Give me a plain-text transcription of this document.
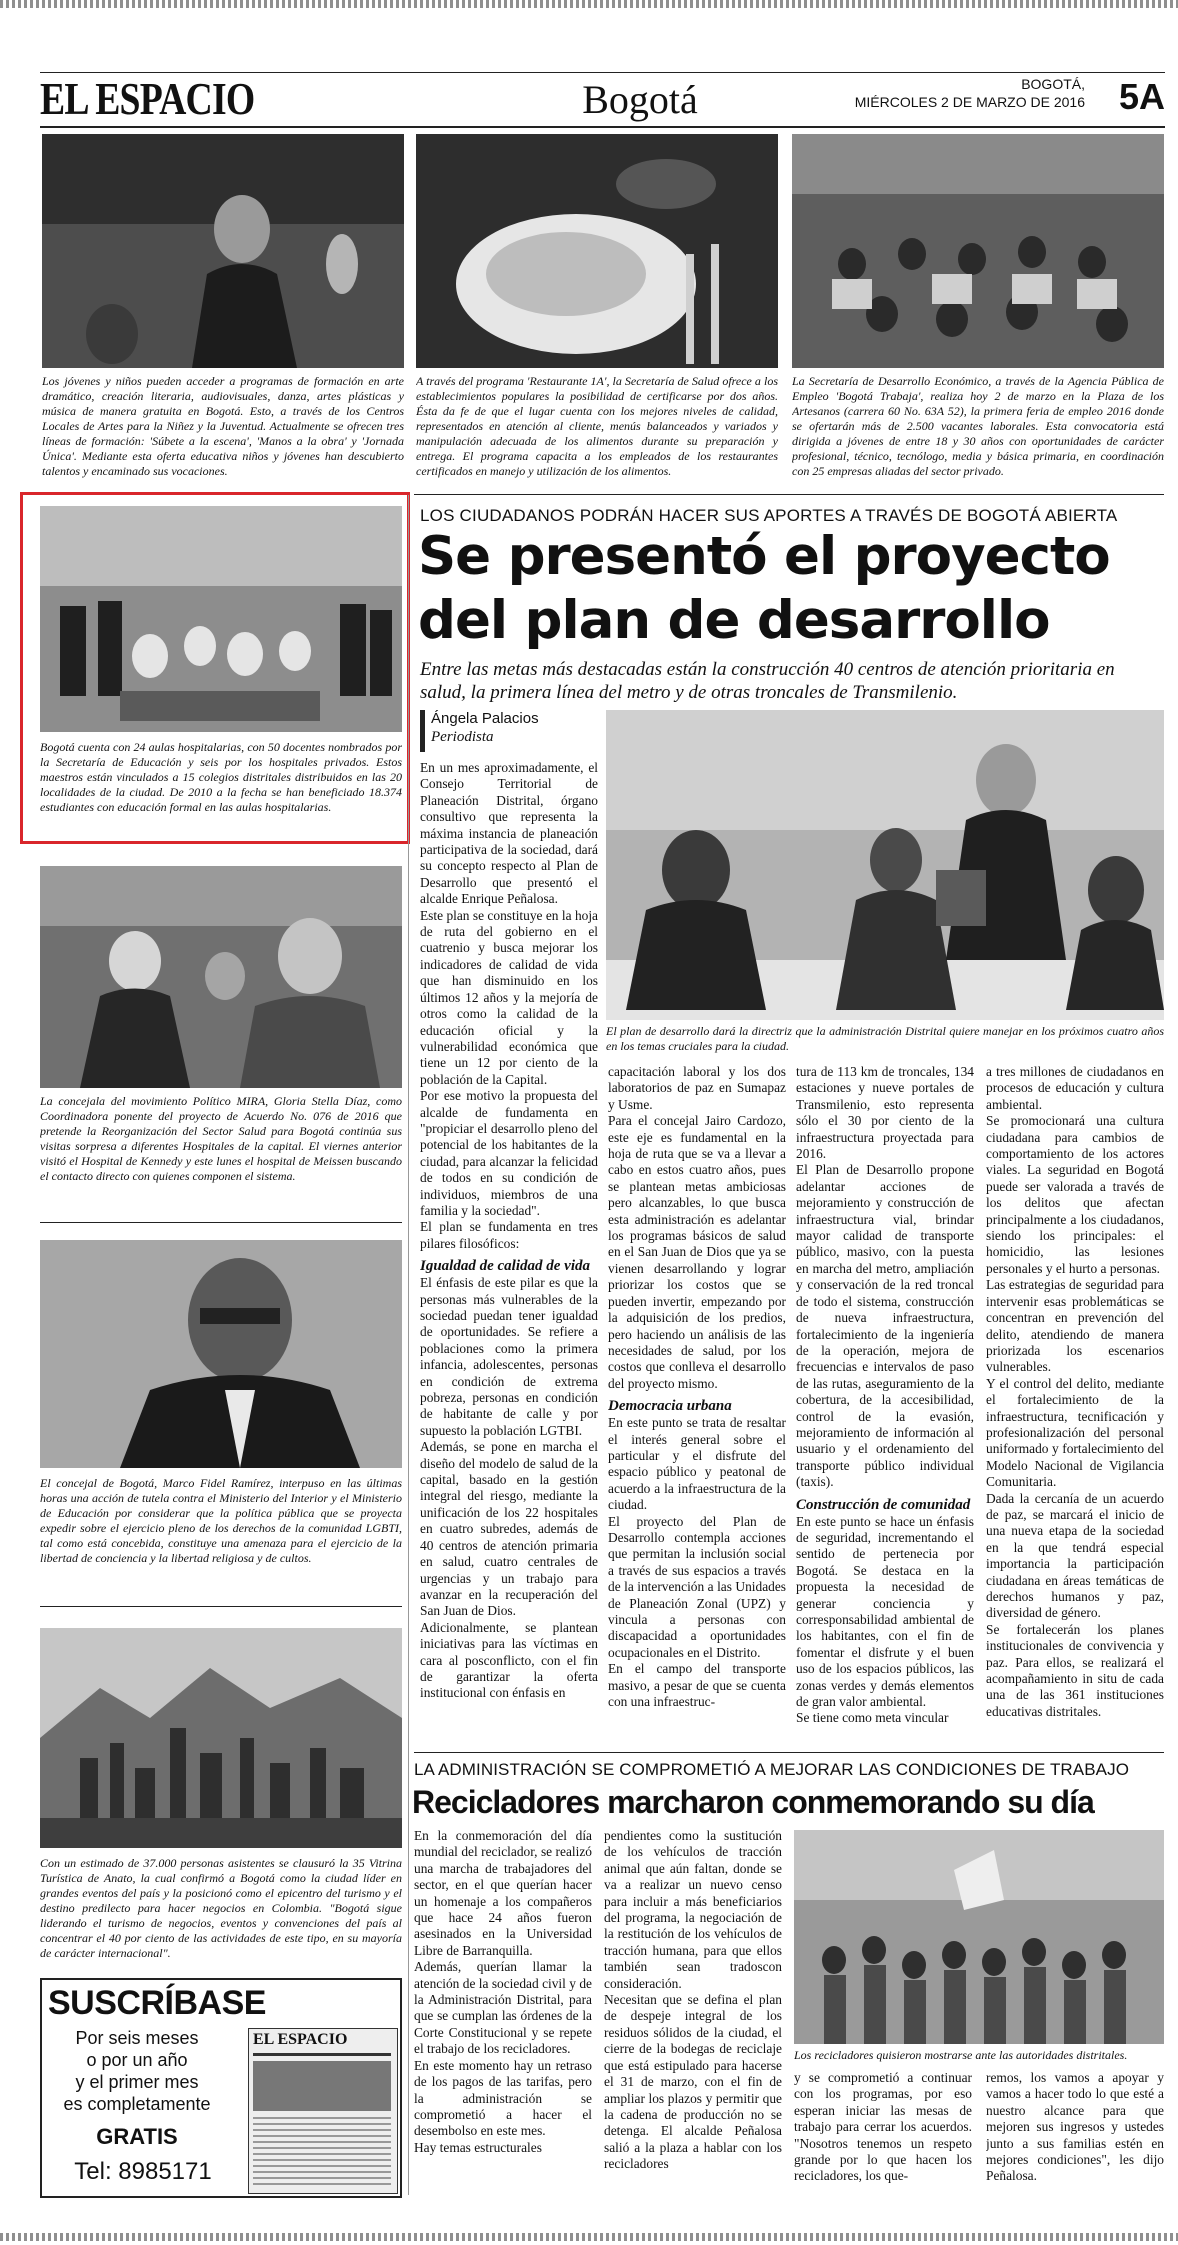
EL ESPACIO	Bogotá	BOGOTÁ,
MIÉRCOLES 2 DE MARZO DE 2016 5A
Los jóvenes y niños pueden acceder a programas de formación en arte dramático, creación literaria, audiovisuales, danza, artes plásticas y música de manera gratuita en Bogotá. Esto, a través de los Centros Locales de Artes para la Niñez y la Juventud. Actualmente se ofrecen tres líneas de formación: 'Súbete a la escena', 'Manos a la obra' y 'Jornada Única'. Mediante esta oferta educativa niños y jóvenes han descubierto talentos y encaminado sus vocaciones.
A través del programa 'Restaurante 1A', la Secretaría de Salud ofrece a los establecimientos populares la posibilidad de certificarse por dos años. Ésta da fe de que el lugar cuenta con los mejores niveles de calidad, representados en atención al cliente, menús balanceados y variados y manipulación adecuada de los alimentos durante su preparación y entrega. El programa capacita a los empleados de los restaurantes certificados en manejo y utilización de los alimentos.
La Secretaría de Desarrollo Económico, a través de la Agencia Pública de Empleo 'Bogotá Trabaja', realiza hoy 2 de marzo en la Plaza de los Artesanos (carrera 60 No. 63A 52), la primera feria de empleo 2016 donde se ofertarán más de 2.500 vacantes laborales. Esta convocatoria está dirigida a jóvenes de entre 18 y 30 años con oportunidades de carácter profesional, técnico, tecnólogo, media y básica primaria, en coordinación con 25 empresas aliadas del sector privado.
Bogotá cuenta con 24 aulas hospitalarias, con 50 docentes nombrados por la Secretaría de Educación y seis por los hospitales privados. Estos maestros están vinculados a 15 colegios distritales distribuidos en las 20 localidades de la ciudad. De 2010 a la fecha se han beneficiado 18.374 estudiantes con educación formal en las aulas hospitalarias.
La concejala del movimiento Político MIRA, Gloria Stella Díaz, como Coordinadora ponente del proyecto de Acuerdo No. 076 de 2016 que pretende la Reorganización del Sector Salud para Bogotá continúa sus visitas sorpresa a diferentes Hospitales de la capital. El viernes anterior visitó el Hospital de Kennedy y este lunes el hospital de Meissen buscando el contacto directo con quienes componen el sistema.
El concejal de Bogotá, Marco Fidel Ramírez, interpuso en las últimas horas una acción de tutela contra el Ministerio del Interior y el Ministerio de Educación por considerar que la política pública que se proyecta expedir sobre el ejercicio pleno de los derechos de la comunidad LGBTI, tal como está concebida, constituye una amenaza para el ejercicio de la libertad de conciencia y la libertad religiosa y de cultos.
Con un estimado de 37.000 personas asistentes se clausuró la 35 Vitrina Turística de Anato, la cual confirmó a Bogotá como la ciudad líder en grandes eventos del país y la posicionó como el epicentro del turismo y el destino predilecto para hacer negocios en Colombia. "Bogotá sigue liderando el turismo de negocios, eventos y convenciones del país al concentrar el 40 por ciento de las actividades de este tipo, en su mayoría de carácter internacional".
SUSCRÍBASE
Por seis meses
o por un año
y el primer mes
es completamente
GRATIS
Tel: 8985171
EL ESPACIO
LOS CIUDADANOS PODRÁN HACER SUS APORTES A TRAVÉS DE BOGOTÁ ABIERTA
Se presentó el proyecto
del plan de desarrollo
Entre las metas más destacadas están la construcción 40 centros de atención prioritaria en salud, la primera línea del metro y de otras troncales de Transmilenio.
Ángela Palacios
Periodista
El plan de desarrollo dará la directriz que la administración Distrital quiere manejar en los próximos cuatro años en los temas cruciales para la ciudad.

En un mes aproximadamente, el Consejo Territorial de Planeación Distrital, órgano consultivo que representa la máxima instancia de planeación participativa de la sociedad, dará su concepto respecto al Plan de Desarrollo que presentó el alcalde Enrique Peñalosa.

Este plan se constituye en la hoja de ruta del gobierno en el cuatrenio y busca mejorar los indicadores de calidad de vida que han disminuido en los últimos 12 años y la mejoría de otros como la calidad de la educación oficial y la vulnerabilidad económica que tiene un 12 por ciento de la población de la Capital.

Por ese motivo la propuesta del alcalde de fundamenta en "propiciar el desarrollo pleno del potencial de los habitantes de la ciudad, para alcanzar la felicidad de todos en su condición de individuos, miembros de una familia y la sociedad".

El plan se fundamenta en tres pilares filosóficos:

Igualdad de calidad de vida

El énfasis de este pilar es que la personas más vulnerables de la sociedad puedan tener igualdad de oportunidades. Se refiere a poblaciones como la primera infancia, adolescentes, personas en condición de extrema pobreza, personas en condición de habitante de calle y por supuesto la población LGTBI.

Además, se pone en marcha el diseño del modelo de salud de la capital, basado en la gestión integral del riesgo, mediante la unificación de los 22 hospitales en cuatro subredes, además de 40 centros de atención primaria en salud, cuatro centrales de urgencias y un trabajo para avanzar en la recuperación del San Juan de Dios.

Adicionalmente, se plantean iniciativas para las víctimas en cara al posconflicto, con el fin de garantizar la oferta institucional con énfasis en

capacitación laboral y los dos laboratorios de paz en Sumapaz y Usme.

Para el concejal Jairo Cardozo, este eje es fundamental en la hoja de ruta que se va a llevar a cabo en estos cuatro años, pues se plantean metas ambiciosas pero alcanzables, lo que busca esta administración es adelantar los programas básicos de salud en el San Juan de Dios que ya se vienen desarrollando y lograr priorizar los costos que se pueden invertir, empezando por la adquisición de los predios, pero haciendo un análisis de las necesidades de salud, por los costos que conlleva el desarrollo del proyecto mismo.

Democracia urbana

En este punto se trata de resaltar el interés general sobre el particular y el disfrute del espacio público y peatonal de acuerdo a la infraestructura de la ciudad.

El proyecto del Plan de Desarrollo contempla acciones que permitan la inclusión social a través de sus espacios a través de la intervención a las Unidades de Planeación Zonal (UPZ) y vincula a personas con discapacidad a oportunidades ocupacionales en el Distrito.

En el campo del transporte masivo, a pesar de que se cuenta con una infraestruc-

tura de 113 km de troncales, 134 estaciones y nueve portales de Transmilenio, esto representa sólo el 30 por ciento de la infraestructura proyectada para 2016.

El Plan de Desarrollo propone adelantar acciones de mejoramiento y construcción de infraestructura vial, brindar mayor calidad de transporte público, masivo, con la puesta en marcha del metro, ampliación y conservación de la red troncal de todo el sistema, construcción de nueva infraestructura, fortalecimiento de la ingeniería de la operación, mejora de frecuencias e intervalos de paso de las rutas, aseguramiento de la cobertura, de la accesibilidad, control de la evasión, mejoramiento de información al usuario y el ordenamiento del transporte público individual (taxis).

Construcción de comunidad

En este punto se hace un énfasis de seguridad, incrementando el sentido de pertenecia por Bogotá. Se destaca en la propuesta la necesidad de generar conciencia y corresponsabilidad ambiental de los habitantes, con el fin de fomentar el disfrute y el buen uso de los espacios públicos, las zonas verdes y demás elementos de gran valor ambiental.

Se tiene como meta vincular

a tres millones de ciudadanos en procesos de educación y cultura ambiental.

Se promocionará una cultura ciudadana para cambios de comportamiento de los actores viales. La seguridad en Bogotá puede ser valorada a través de los delitos que afectan principalmente a los ciudadanos, siendo los principales: el homicidio, las lesiones personales y el hurto a personas.

Las estrategias de seguridad para intervenir esas problemáticas se concentran en prevención del delito, atendiendo de manera priorizada los escenarios vulnerables.

Y el control del delito, mediante el fortalecimiento de la infraestructura, tecnificación y profesionalización del personal uniformado y fortalecimiento del Modelo Nacional de Vigilancia Comunitaria.

Dada la cercanía de un acuerdo de paz, se marcará el inicio de una nueva etapa de la sociedad en la que tendrá especial importancia la participación ciudadana en áreas temáticas de derechos humanos y paz, diversidad de género.

Se fortalecerán los planes institucionales de convivencia y paz. Para ellos, se realizará el acompañamiento in situ de cada una de las 361 instituciones educativas distritales.

LA ADMINISTRACIÓN SE COMPROMETIÓ A MEJORAR LAS CONDICIONES DE TRABAJO
Recicladores marcharon conmemorando su día

En la conmemoración del día mundial del reciclador, se realizó una marcha de trabajadores del sector, en el que querían hacer un homenaje a los compañeros que hace 24 años fueron asesinados en la Universidad Libre de Barranquilla.

Además, querían llamar la atención de la sociedad civil y de la Administración Distrital, para que se cumplan las órdenes de la Corte Constitucional y se repete el trabajo de los recicladores.

En este momento hay un retraso de los pagos de las tarifas, pero la administración se comprometió a hacer el desembolso en este mes.

Hay temas estructurales

pendientes como la sustitución de los vehículos de tracción animal que aún faltan, donde se va a realizar un nuevo censo para incluir a más beneficiarios del programa, la negociación de la restitución de los vehículos de tracción humana, para que ellos también sean tradoscon consideración.

Necesitan que se defina el plan de despeje integral de los residuos sólidos de la ciudad, el cierre de la bodegas de reciclaje que está estipulado para hacerse el 31 de marzo, con el fin de ampliar los plazos y permitir que la cadena de producción no se detenga. El alcalde Peñalosa salió a la plaza a hablar con los recicladores

Los recicladores quisieron mostrarse ante las autoridades distritales.

y se comprometió a continuar con los programas, por eso esperan iniciar las mesas de trabajo para cerrar los acuerdos. "Nosotros tenemos un respeto grande por lo que hacen los recicladores, los que-

remos, los vamos a apoyar y vamos a hacer todo lo que esté a nuestro alcance para que mejoren sus ingresos y ustedes junto a sus familias estén en mejores condiciones", les dijo Peñalosa.
